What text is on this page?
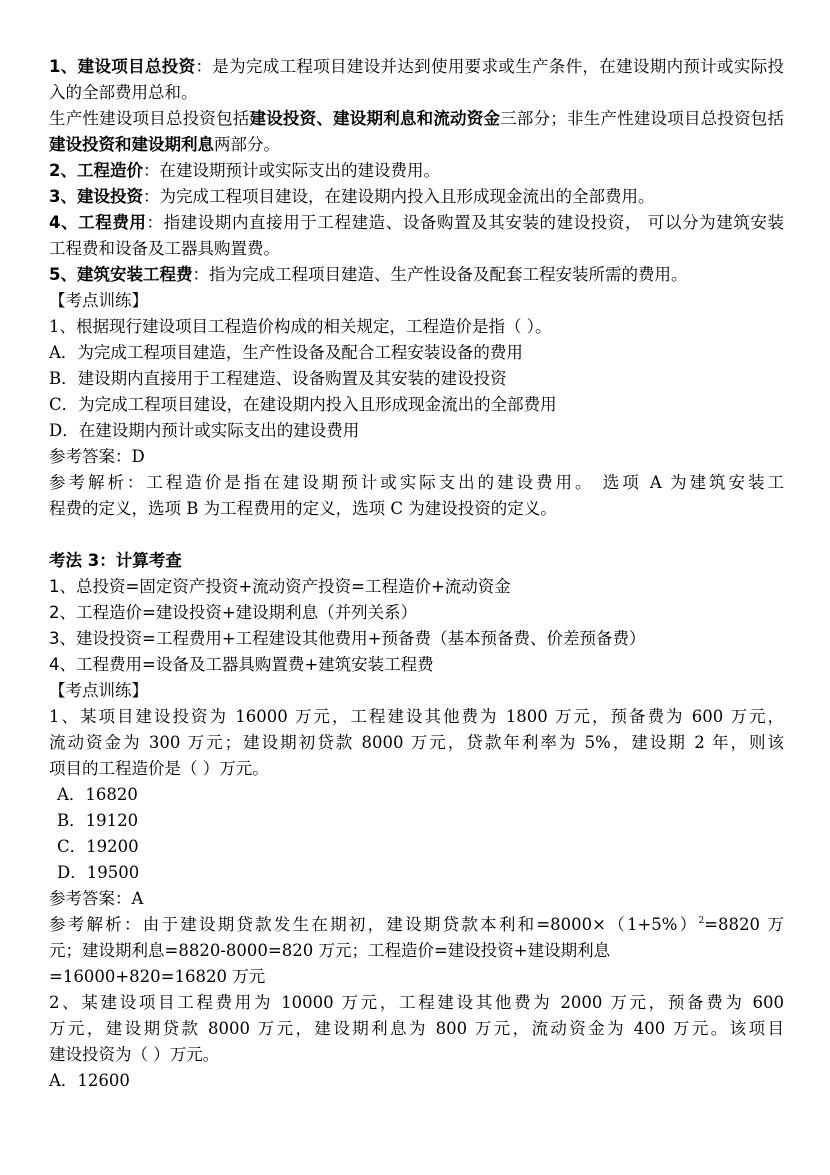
1、建设项目总投资：是为完成工程项目建设并达到使用要求或生产条件，在建设期内预计或实际投
入的全部费用总和。
生产性建设项目总投资包括建设投资、建设期利息和流动资金三部分；非生产性建设项目总投资包括
建设投资和建设期利息两部分。
2、工程造价：在建设期预计或实际支出的建设费用。
3、建设投资：为完成工程项目建设，在建设期内投入且形成现金流出的全部费用。
4、工程费用：指建设期内直接用于工程建造、设备购置及其安装的建设投资， 可以分为建筑安装
工程费和设备及工器具购置费。
5、建筑安装工程费：指为完成工程项目建造、生产性设备及配套工程安装所需的费用。
【考点训练】
1、根据现行建设项目工程造价构成的相关规定，工程造价是指（ ）。
A．为完成工程项目建造，生产性设备及配合工程安装设备的费用
B．建设期内直接用于工程建造、设备购置及其安装的建设投资
C．为完成工程项目建设，在建设期内投入且形成现金流出的全部费用
D．在建设期内预计或实际支出的建设费用
参考答案：D
参考解析：工程造价是指在建设期预计或实际支出的建设费用。 选项 A 为建筑安装工
程费的定义，选项 B 为工程费用的定义，选项 C 为建设投资的定义。
考法 3：计算考查
1、总投资=固定资产投资+流动资产投资=工程造价+流动资金
2、工程造价=建设投资+建设期利息（并列关系）
3、建设投资=工程费用+工程建设其他费用+预备费（基本预备费、价差预备费）
4、工程费用=设备及工器具购置费+建筑安装工程费
【考点训练】
1、某项目建设投资为 16000 万元，工程建设其他费为 1800 万元，预备费为 600 万元，
流动资金为 300 万元；建设期初贷款 8000 万元，贷款年利率为 5%，建设期 2 年，则该
项目的工程造价是（ ）万元。
A．16820
B．19120
C．19200
D．19500
参考答案：A
参考解析：由于建设期贷款发生在期初，建设期贷款本利和$=8000\times(1+5\%)^2=8820$ 万
元；建设期利息=8820-8000=820 万元；工程造价=建设投资+建设期利息
=16000+820=16820 万元
2、某建设项目工程费用为 10000 万元，工程建设其他费为 2000 万元，预备费为 600
万元，建设期贷款 8000 万元，建设期利息为 800 万元，流动资金为 400 万元。该项目
建设投资为（ ）万元。
A．12600
